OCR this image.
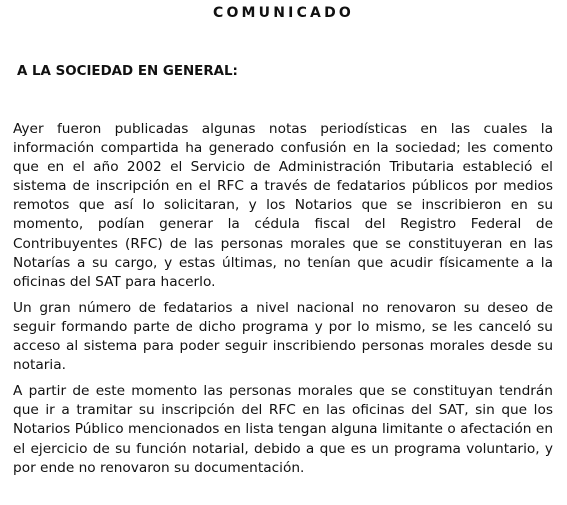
COMUNICADO
A LA SOCIEDAD EN GENERAL:

Ayer fueron publicadas algunas notas periodísticas en las cuales la información compartida ha generado confusión en la sociedad; les comento que en el año 2002 el Servicio de Administración Tributaria estableció el sistema de inscripción en el RFC a través de fedatarios públicos por medios remotos que así lo solicitaran, y los Notarios que se inscribieron en su momento, podían generar la cédula fiscal del Registro Federal de Contribuyentes (RFC) de las personas morales que se constituyeran en las Notarías a su cargo, y estas últimas, no tenían que acudir físicamente a la oficinas del SAT para hacerlo.

Un gran número de fedatarios a nivel nacional no renovaron su deseo de seguir formando parte de dicho programa y por lo mismo, se les canceló su acceso al sistema para poder seguir inscribiendo personas morales desde su notaria.

A partir de este momento las personas morales que se constituyan tendrán que ir a tramitar su inscripción del RFC en las oficinas del SAT, sin que los Notarios Público mencionados en lista tengan alguna limitante o afectación en el ejercicio de su función notarial, debido a que es un programa voluntario, y por ende no renovaron su documentación.
